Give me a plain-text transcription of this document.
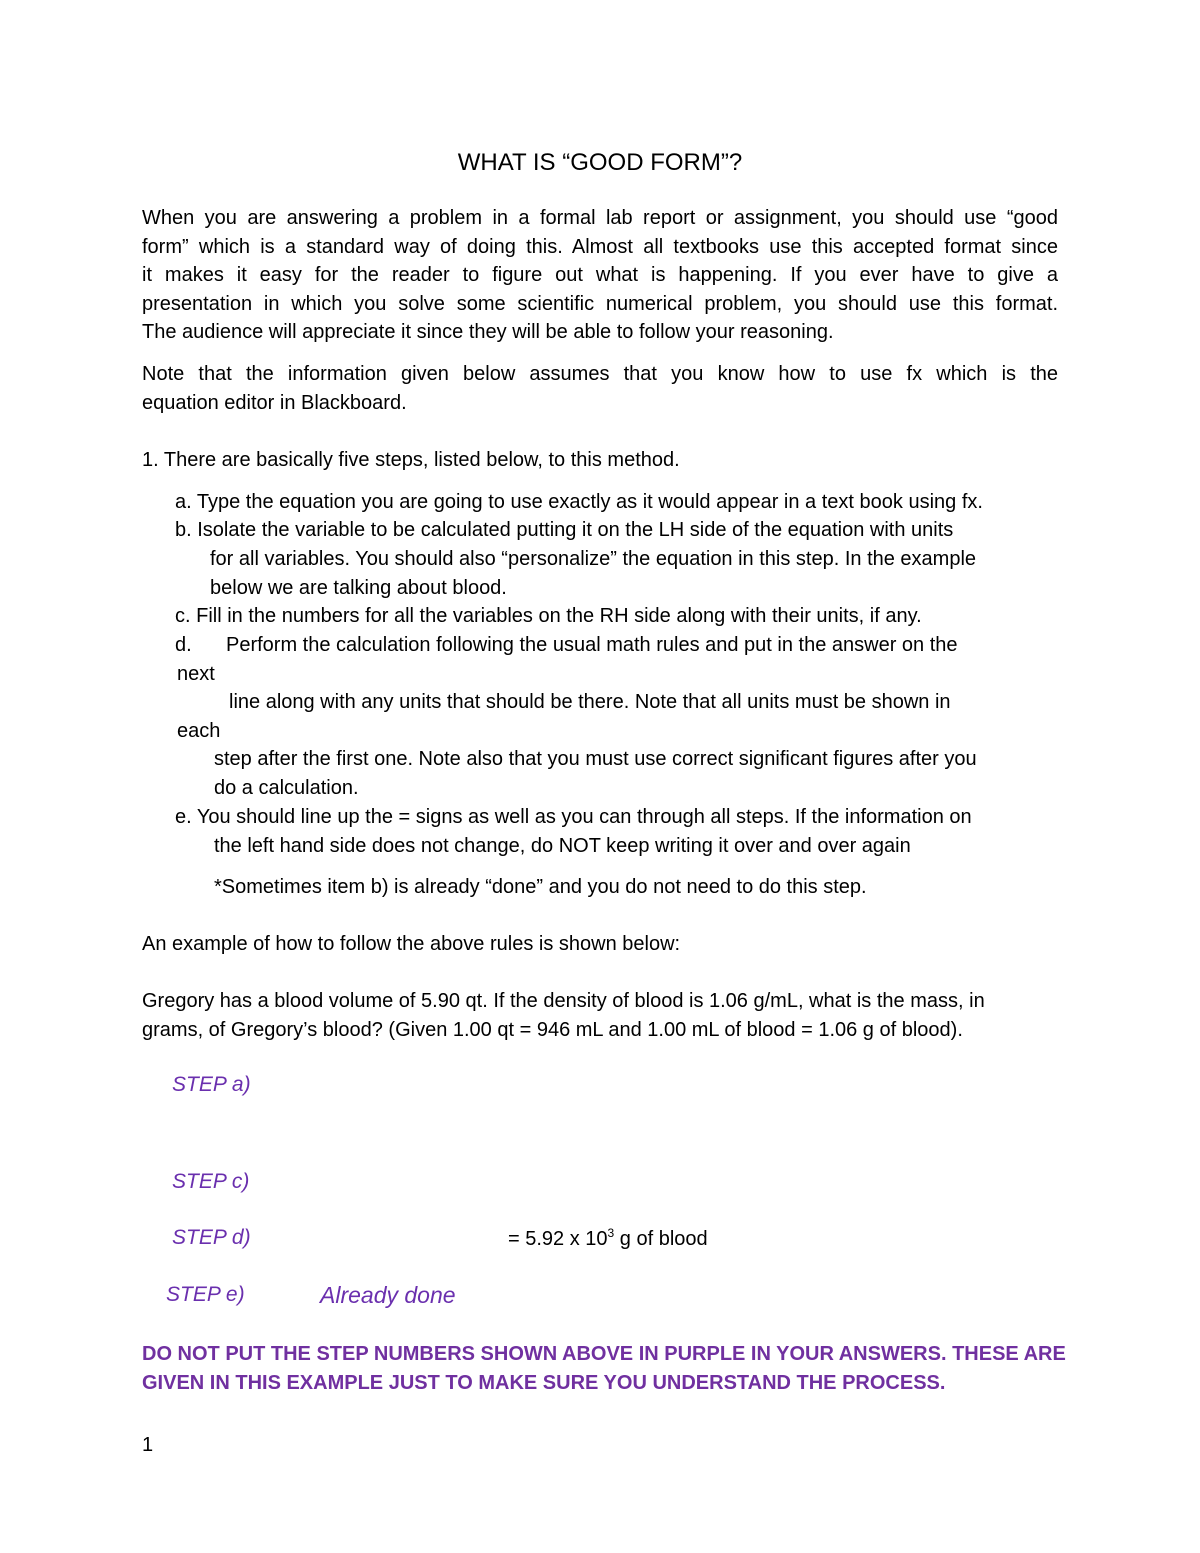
WHAT IS “GOOD FORM”?
When you are answering a problem in a formal lab report or assignment, you should use “good
form” which is a standard way of doing this. Almost all textbooks use this accepted format since
it makes it easy for the reader to figure out what is happening. If you ever have to give a
presentation in which you solve some scientific numerical problem, you should use this format.
The audience will appreciate it since they will be able to follow your reasoning.
Note that the information given below assumes that you know how to use fx which is the
equation editor in Blackboard.
1. There are basically five steps, listed below, to this method.
a. Type the equation you are going to use exactly as it would appear in a text book using fx.
b. Isolate the variable to be calculated putting it on the LH side of the equation with units
for all variables. You should also “personalize” the equation in this step. In the example
below we are talking about blood.
c. Fill in the numbers for all the variables on the RH side along with their units, if any.
d. Perform the calculation following the usual math rules and put in the answer on the
next
line along with any units that should be there. Note that all units must be shown in
each
step after the first one. Note also that you must use correct significant figures after you
do a calculation.
e. You should line up the = signs as well as you can through all steps. If the information on
the left hand side does not change, do NOT keep writing it over and over again
*Sometimes item b) is already “done” and you do not need to do this step.
An example of how to follow the above rules is shown below:
Gregory has a blood volume of 5.90 qt. If the density of blood is 1.06 g/mL, what is the mass, in
grams, of Gregory’s blood? (Given 1.00 qt = 946 mL and 1.00 mL of blood = 1.06 g of blood).
STEP a)
STEP c)
STEP d)	= 5.92 x $10^3$ g of blood
STEP e)	Already done
DO NOT PUT THE STEP NUMBERS SHOWN ABOVE IN PURPLE IN YOUR ANSWERS. THESE ARE
GIVEN IN THIS EXAMPLE JUST TO MAKE SURE YOU UNDERSTAND THE PROCESS.
1
